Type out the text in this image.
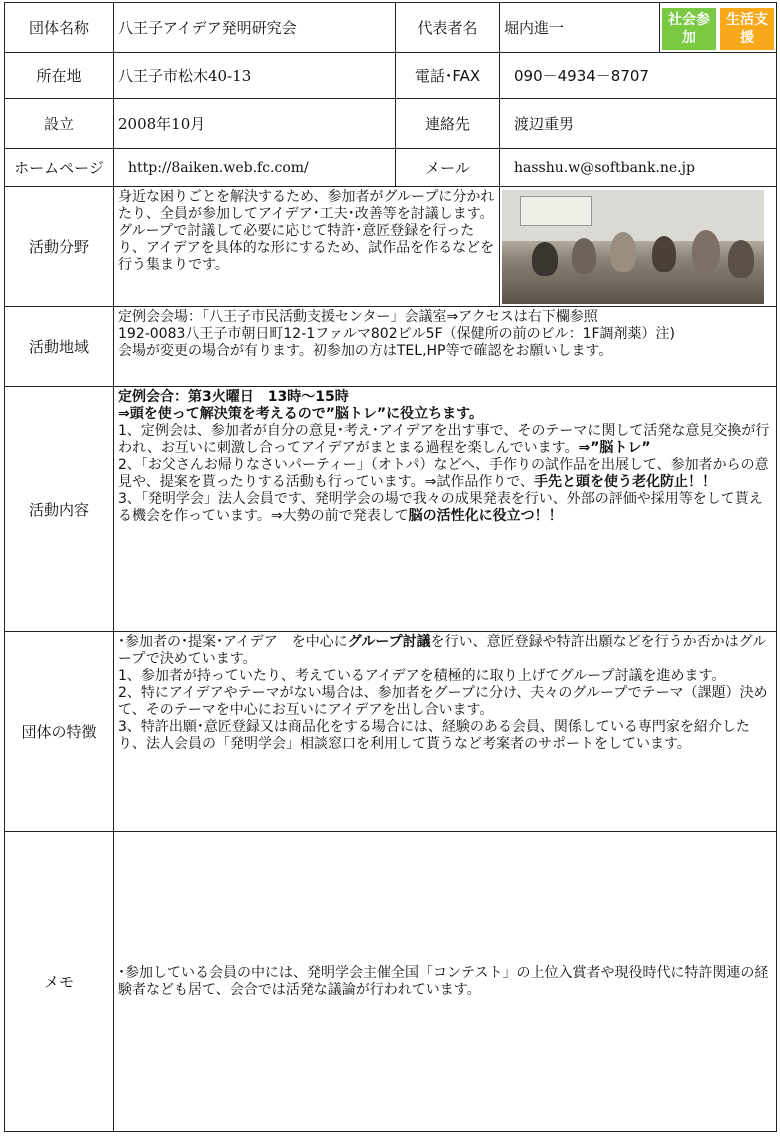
団体名称	八王子アイデア発明研究会	代表者名	堀内進一	社会参加
生活支援

所在地	八王子市松木40-13	電話･FAX	090－4934－8707	
設立	2008年10月	連絡先	渡辺重男	
ホームページ	http://8aiken.web.fc.com/	メール	hasshu.w@softbank.ne.jp	
活動分野	身近な困りごとを解決するため、参加者がグループに分かれたり、全員が参加してアイデア･工夫･改善等を討議します。グループで討議して必要に応じて特許･意匠登録を行ったり、アイデアを具体的な形にするため、試作品を作るなどを行う集まりです。			

活動地域	定例会会場：「八王子市民活動支援センター」会議室⇒アクセスは右下欄参照

192-0083八王子市朝日町12-1ファルマ802ビル5F（保健所の前のビル：1F調剤薬）注)

会場が変更の場合が有ります。初参加の方はTEL,HP等で確認をお願いします。			

活動内容	定例会合：第3火曜日　13時～15時

⇒頭を使って解決策を考えるので”脳トレ”に役立ちます。

1、定例会は、参加者が自分の意見･考え･アイデアを出す事で、そのテーマに関して活発な意見交換が行われ、お互いに刺激し合ってアイデアがまとまる過程を楽しんでいます。⇒”脳トレ”

2、「お父さんお帰りなさいパーティー」（オトパ）などへ、手作りの試作品を出展して、参加者からの意見や、提案を貰ったりする活動も行っています。⇒試作品作りで、手先と頭を使う老化防止！！

3、「発明学会」法人会員です、発明学会の場で我々の成果発表を行い、外部の評価や採用等をして貰える機会を作っています。⇒大勢の前で発表して脳の活性化に役立つ！！			

団体の特徴	･参加者の･提案･アイデア　を中心にグループ討議を行い、意匠登録や特許出願などを行うか否かはグループで決めています。

1、参加者が持っていたり、考えているアイデアを積極的に取り上げてグループ討議を進めます。

2、特にアイデアやテーマがない場合は、参加者をグープに分け、夫々のグループでテーマ（課題）決めて、そのテーマを中心にお互いにアイデアを出し合います。

3、特許出願･意匠登録又は商品化をする場合には、経験のある会員、関係している専門家を紹介したり、法人会員の「発明学会」相談窓口を利用して貰うなど考案者のサポートをしています。			

メモ	･参加している会員の中には、発明学会主催全国「コンテスト」の上位入賞者や現役時代に特許関連の経験者なども居て、会合では活発な議論が行われています。			
